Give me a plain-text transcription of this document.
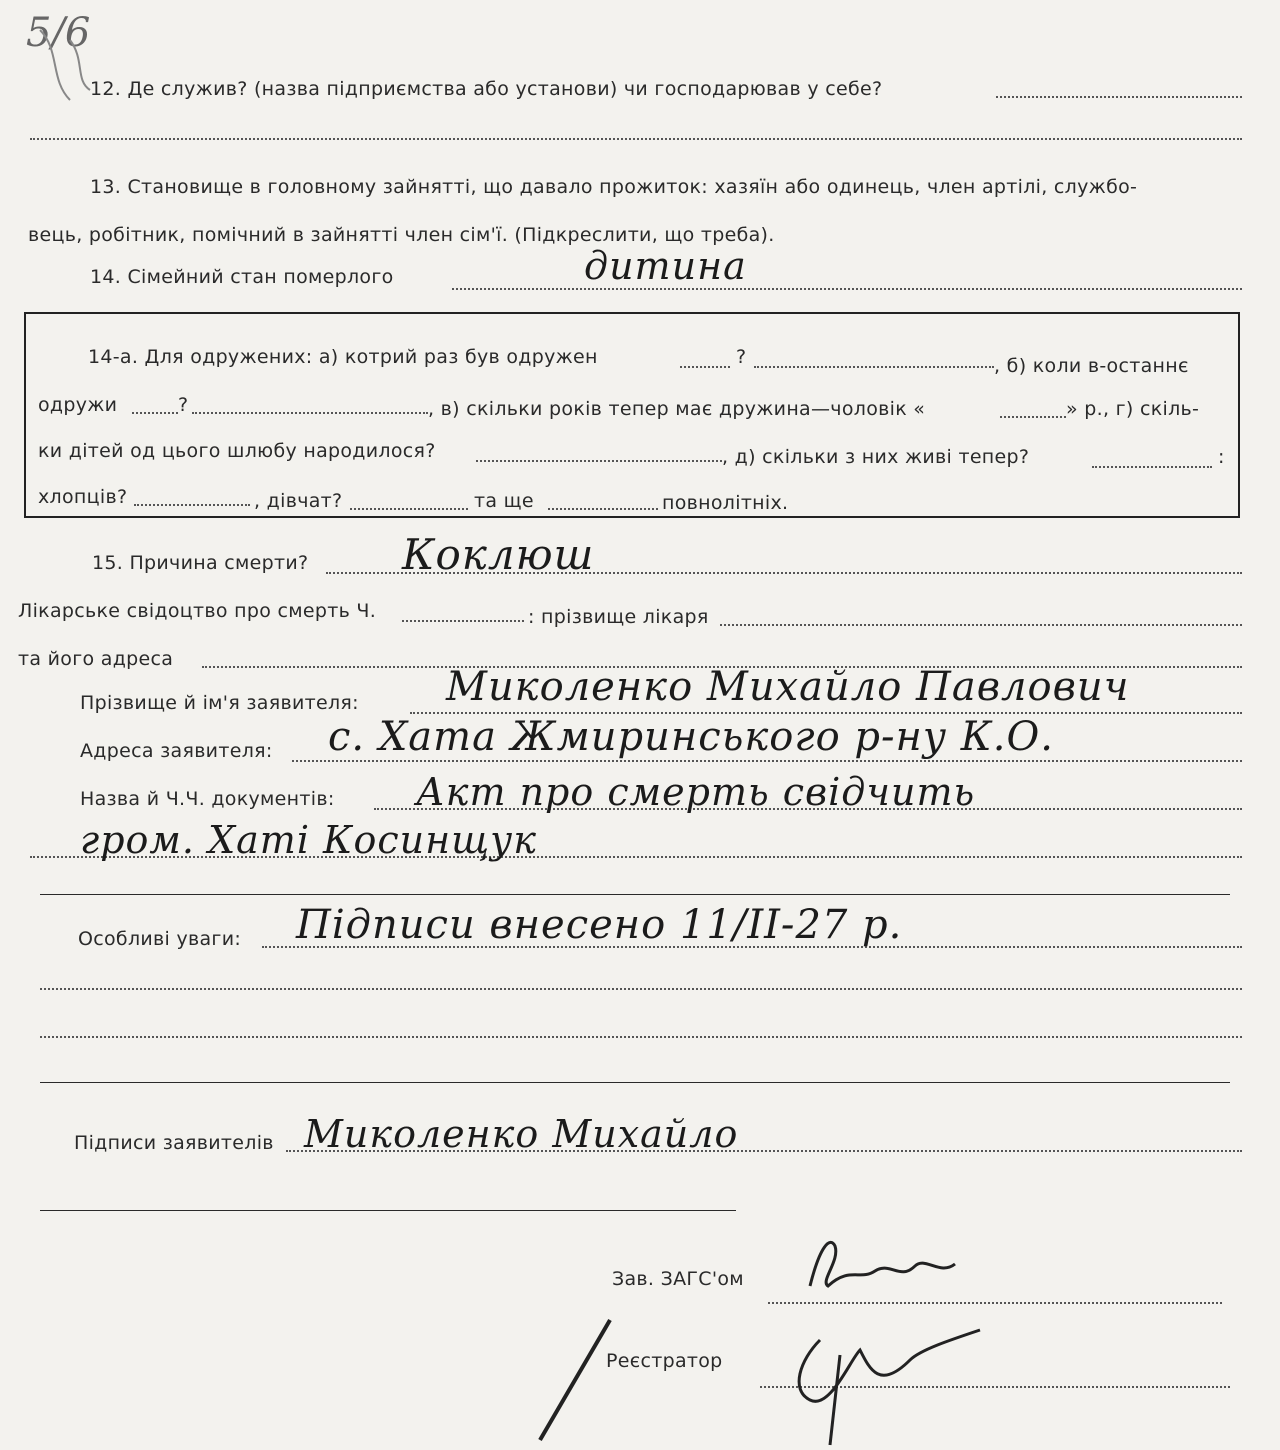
5/6
12. Де служив? (назва підприємства або установи) чи господарював у себе?
13. Становище в головному зайнятті, що давало прожиток: хазяїн або одинець, член артілі, службо-
вець, робітник, помічний в зайнятті член сім'ї. (Підкреслити, що треба).
14. Сімейний стан померлого	дитина
14-а. Для одружених: а) котрий раз був одружен	?	, б) коли в-останнє
одружи	?	, в) скільки років тепер має дружина—чоловік «	» р., г) скіль-
ки дітей од цього шлюбу народилося?	, д) скільки з них живі тепер?	:
хлопців?	, дівчат?	та ще	повнолітніх.
15. Причина смерти? Коклюш
Лікарське свідоцтво про смерть Ч.	: прізвище лікаря
та його адреса
Прізвище й ім'я заявителя: Миколенко Михайло Павлович
Адреса заявителя: с. Хата Жмиринського р-ну К.О.
Назва й Ч.Ч. документів: Акт про смерть свідчить
гром. Хаті Косинщук
Особливі уваги: Підписи внесено 11/II-27 р.
Підписи заявителів Миколенко Михайло
Зав. ЗАГС'ом
Реєстратор
